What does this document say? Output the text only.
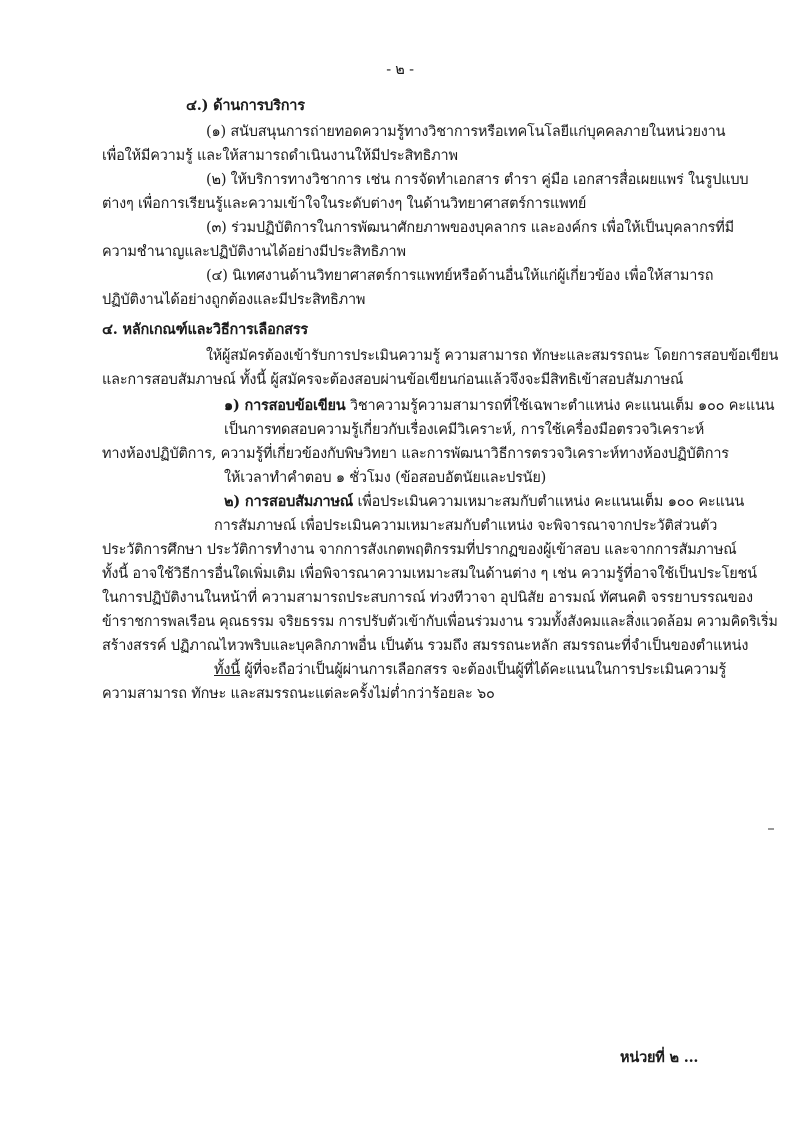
- ๒ -
๔.) ด้านการบริการ
(๑) สนับสนุนการถ่ายทอดความรู้ทางวิชาการหรือเทคโนโลยีแก่บุคคลภายในหน่วยงาน
เพื่อให้มีความรู้ และให้สามารถดำเนินงานให้มีประสิทธิภาพ
(๒) ให้บริการทางวิชาการ เช่น การจัดทำเอกสาร ตำรา คู่มือ เอกสารสื่อเผยแพร่ ในรูปแบบ
ต่างๆ เพื่อการเรียนรู้และความเข้าใจในระดับต่างๆ ในด้านวิทยาศาสตร์การแพทย์
(๓) ร่วมปฏิบัติการในการพัฒนาศักยภาพของบุคลากร และองค์กร เพื่อให้เป็นบุคลากรที่มี
ความชำนาญและปฏิบัติงานได้อย่างมีประสิทธิภาพ
(๔) นิเทศงานด้านวิทยาศาสตร์การแพทย์หรือด้านอื่นให้แก่ผู้เกี่ยวข้อง เพื่อให้สามารถ
ปฏิบัติงานได้อย่างถูกต้องและมีประสิทธิภาพ
๔. หลักเกณฑ์และวิธีการเลือกสรร
ให้ผู้สมัครต้องเข้ารับการประเมินความรู้ ความสามารถ ทักษะและสมรรถนะ โดยการสอบข้อเขียน
และการสอบสัมภาษณ์ ทั้งนี้ ผู้สมัครจะต้องสอบผ่านข้อเขียนก่อนแล้วจึงจะมีสิทธิเข้าสอบสัมภาษณ์
๑) การสอบข้อเขียน วิชาความรู้ความสามารถที่ใช้เฉพาะตำแหน่ง คะแนนเต็ม ๑๐๐ คะแนน
เป็นการทดสอบความรู้เกี่ยวกับเรื่องเคมีวิเคราะห์, การใช้เครื่องมือตรวจวิเคราะห์
ทางห้องปฏิบัติการ, ความรู้ที่เกี่ยวข้องกับพิษวิทยา และการพัฒนาวิธีการตรวจวิเคราะห์ทางห้องปฏิบัติการ
ให้เวลาทำคำตอบ ๑ ชั่วโมง (ข้อสอบอัตนัยและปรนัย)
๒) การสอบสัมภาษณ์ เพื่อประเมินความเหมาะสมกับตำแหน่ง คะแนนเต็ม ๑๐๐ คะแนน
การสัมภาษณ์ เพื่อประเมินความเหมาะสมกับตำแหน่ง จะพิจารณาจากประวัติส่วนตัว
ประวัติการศึกษา ประวัติการทำงาน จากการสังเกตพฤติกรรมที่ปรากฏของผู้เข้าสอบ และจากการสัมภาษณ์
ทั้งนี้ อาจใช้วิธีการอื่นใดเพิ่มเติม เพื่อพิจารณาความเหมาะสมในด้านต่าง ๆ เช่น ความรู้ที่อาจใช้เป็นประโยชน์
ในการปฏิบัติงานในหน้าที่ ความสามารถประสบการณ์ ท่วงทีวาจา อุปนิสัย อารมณ์ ทัศนคติ จรรยาบรรณของ
ข้าราชการพลเรือน คุณธรรม จริยธรรม การปรับตัวเข้ากับเพื่อนร่วมงาน รวมทั้งสังคมและสิ่งแวดล้อม ความคิดริเริ่ม
สร้างสรรค์ ปฏิภาณไหวพริบและบุคลิกภาพอื่น เป็นต้น รวมถึง สมรรถนะหลัก สมรรถนะที่จำเป็นของตำแหน่ง
ทั้งนี้ ผู้ที่จะถือว่าเป็นผู้ผ่านการเลือกสรร จะต้องเป็นผู้ที่ได้คะแนนในการประเมินความรู้
ความสามารถ ทักษะ และสมรรถนะแต่ละครั้งไม่ต่ำกว่าร้อยละ ๖๐
หน่วยที่ ๒ ...
